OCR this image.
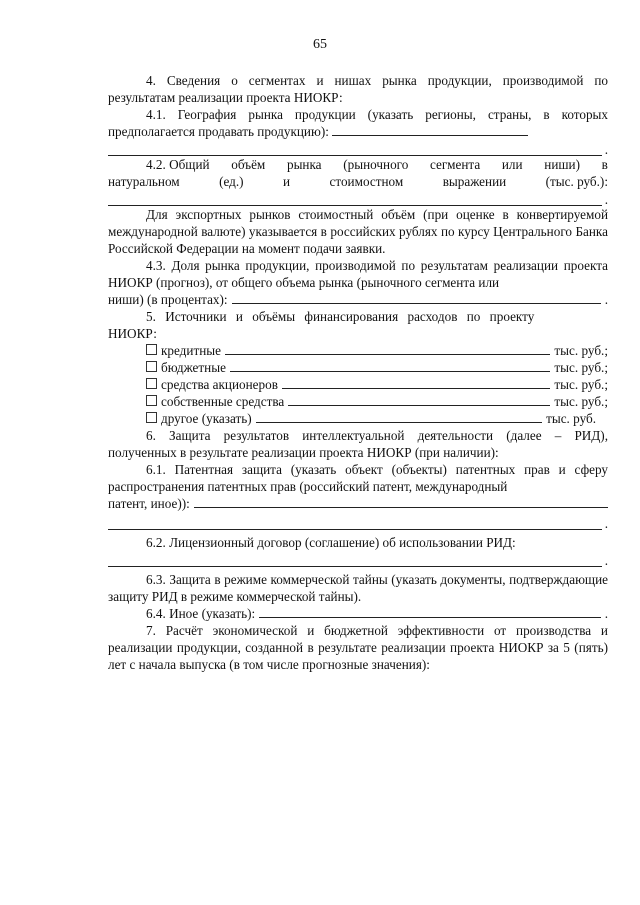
65

4. Сведения о сегментах и нишах рынка продукции, производимой по результатам реализации проекта НИОКР:

4.1. География рынка продукции (указать регионы, страны, в которых предполагается продавать продукцию):

.
4.2. Общий объём рынка (рыночного сегмента или ниши) в
натуральном	(ед.)	и	стоимостном	выражении	(тыс. руб.):
.

Для экспортных рынков стоимостный объём (при оценке в конвертируемой международной валюте) указывается в российских рублях по курсу Центрального Банка Российской Федерации на момент подачи заявки.

4.3. Доля рынка продукции, производимой по результатам реализации проекта НИОКР (прогноз), от общего объема рынка (рыночного сегмента или

ниши) (в процентах):	.
5. Источники и объёмы финансирования расходов по проекту

НИОКР:

кредитные	тыс. руб.;
бюджетные	тыс. руб.;
средства акционеров	тыс. руб.;
собственные средства	тыс. руб.;
другое (указать)	тыс. руб.

6. Защита результатов интеллектуальной деятельности (далее – РИД), полученных в результате реализации проекта НИОКР (при наличии):

6.1. Патентная защита (указать объект (объекты) патентных прав и сферу распространения патентных прав (российский патент, международный

патент, иное)):
.

6.2. Лицензионный договор (соглашение) об использовании РИД:

.

6.3. Защита в режиме коммерческой тайны (указать документы, подтверждающие защиту РИД в режиме коммерческой тайны).

6.4. Иное (указать):	.

7. Расчёт экономической и бюджетной эффективности от производства и реализации продукции, созданной в результате реализации проекта НИОКР за 5 (пять) лет с начала выпуска (в том числе прогнозные значения):
